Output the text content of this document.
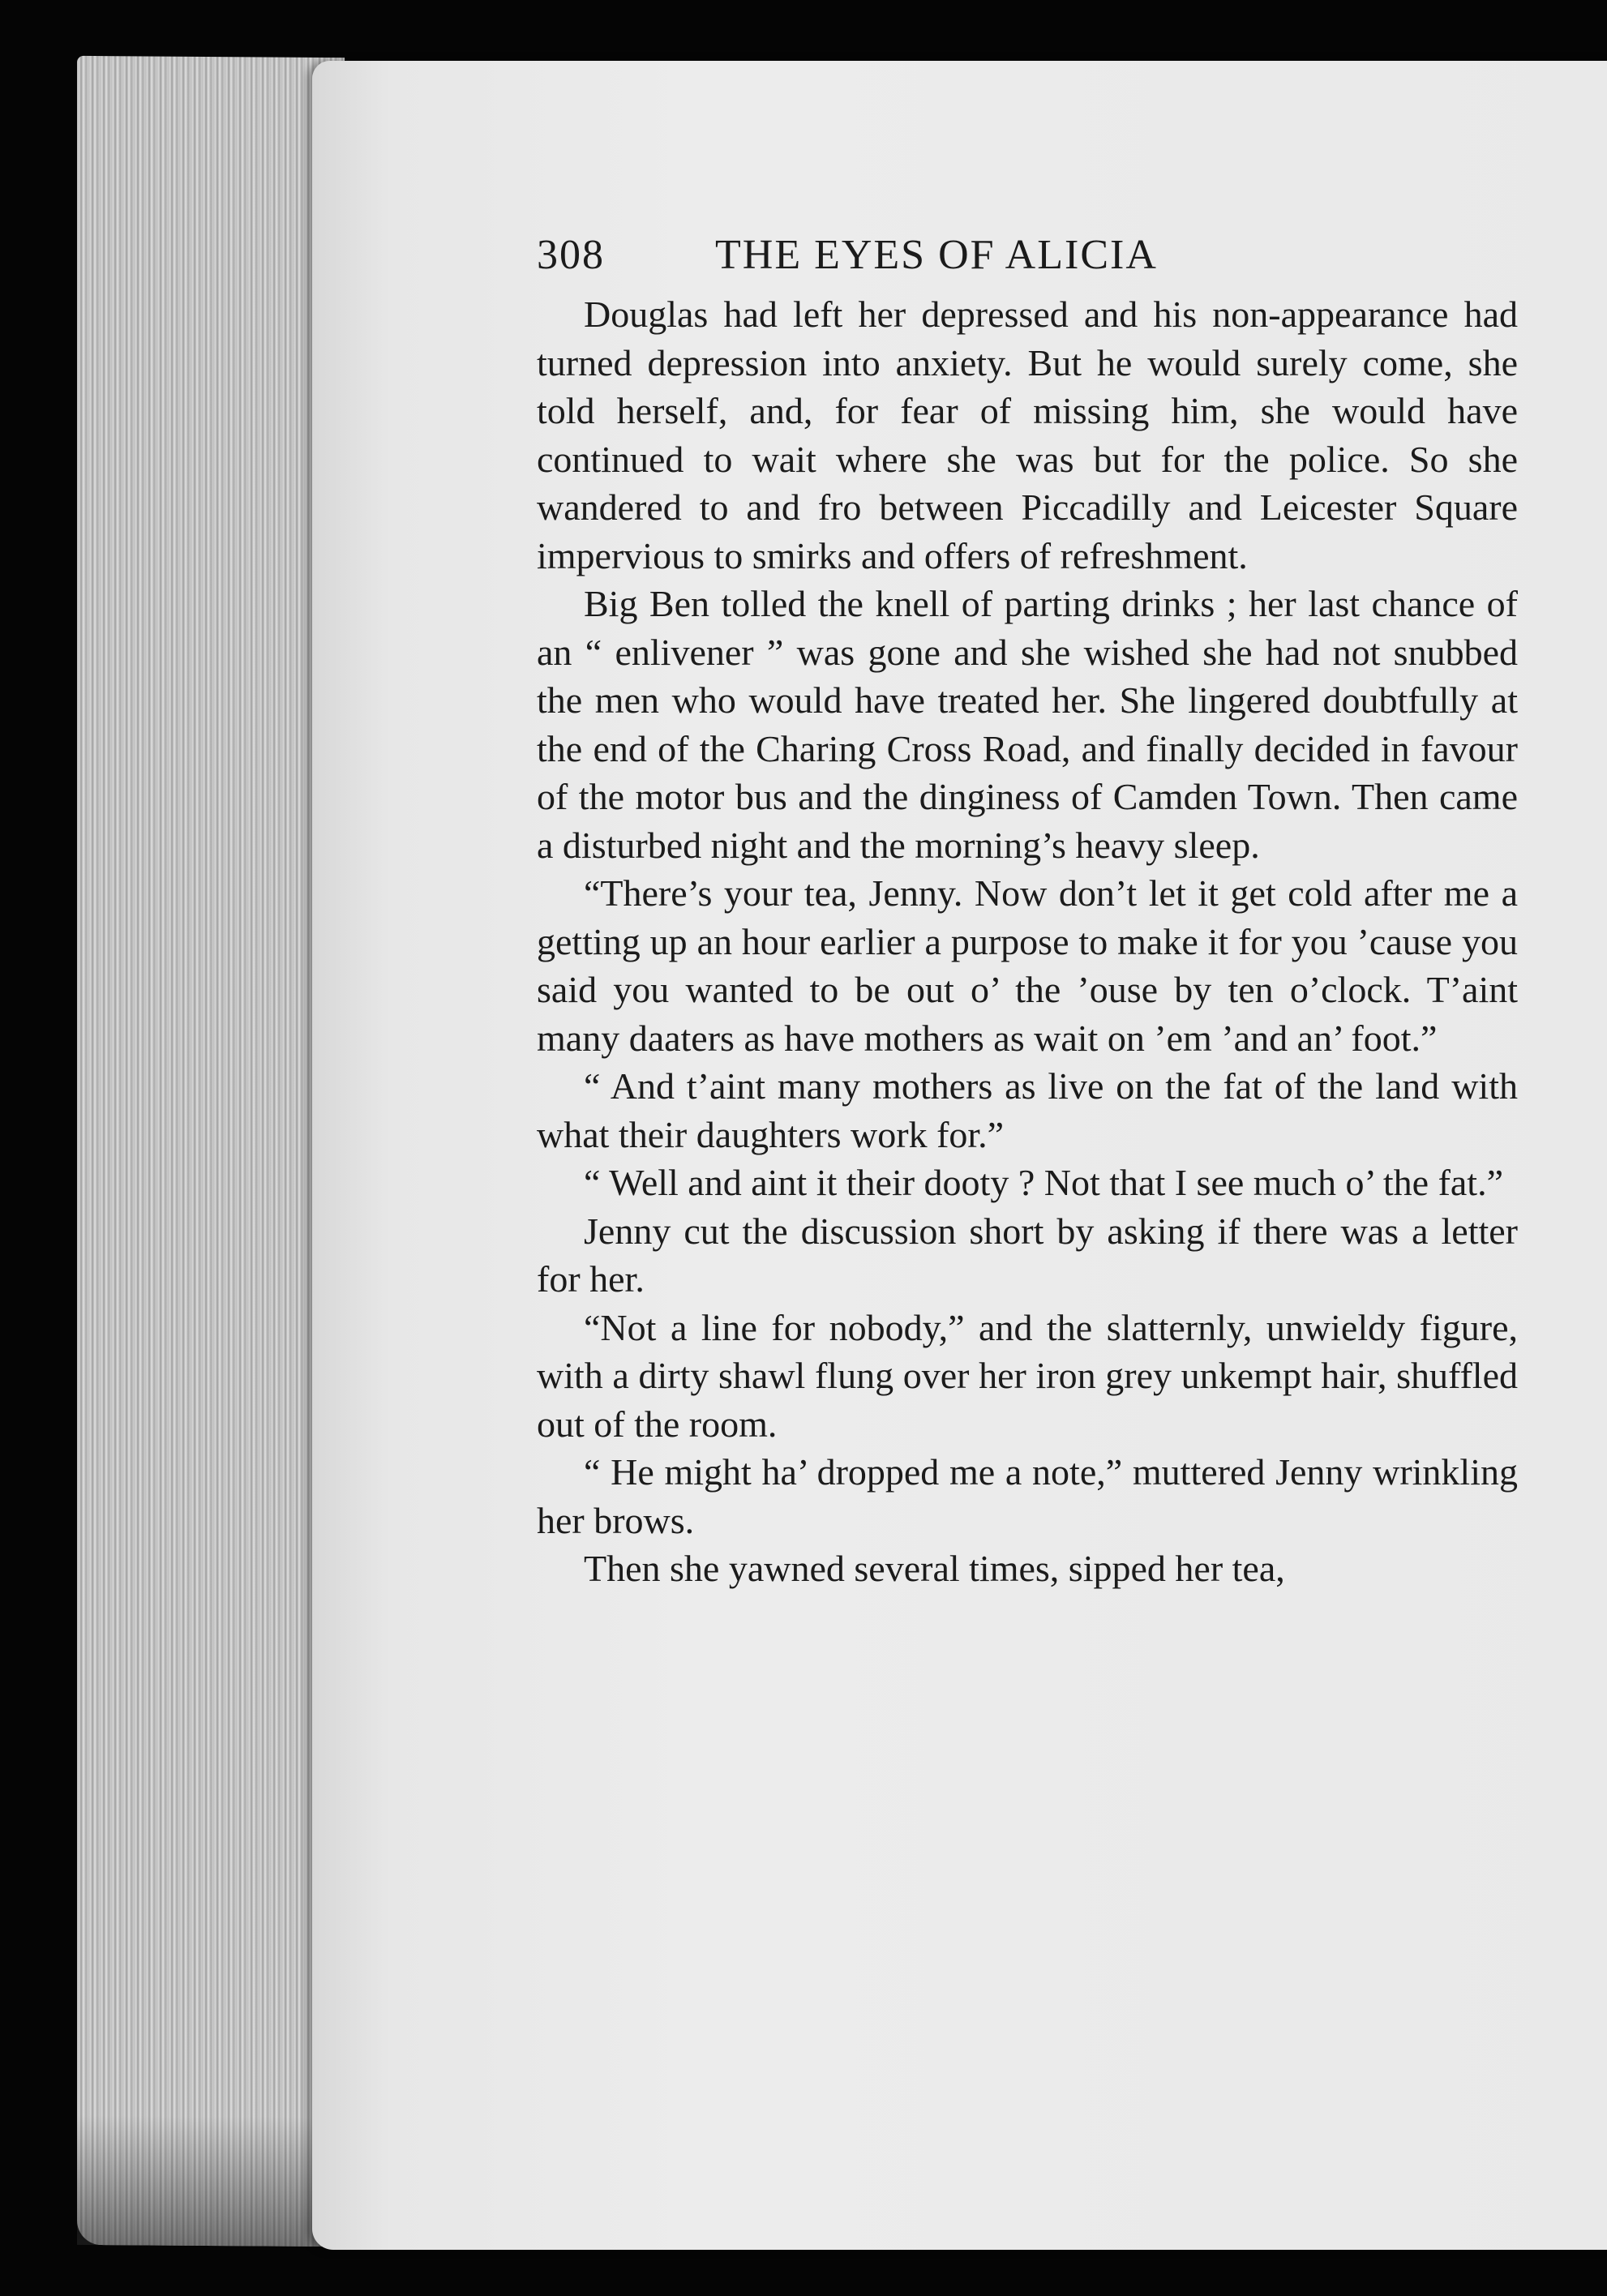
308	THE EYES OF ALICIA

Douglas had left her depressed and his non-appearance had turned depression into anxiety. But he would surely come, she told herself, and, for fear of missing him, she would have continued to wait where she was but for the police. So she wandered to and fro between Piccadilly and Leicester Square impervious to smirks and offers of refreshment.

Big Ben tolled the knell of parting drinks ; her last chance of an “ enlivener ” was gone and she wished she had not snubbed the men who would have treated her. She lingered doubtfully at the end of the Charing Cross Road, and finally decided in favour of the motor bus and the dinginess of Camden Town. Then came a disturbed night and the morning’s heavy sleep.

“There’s your tea, Jenny. Now don’t let it get cold after me a getting up an hour earlier a purpose to make it for you ’cause you said you wanted to be out o’ the ’ouse by ten o’clock. T’aint many daaters as have mothers as wait on ’em ’and an’ foot.”

“ And t’aint many mothers as live on the fat of the land with what their daughters work for.”

“ Well and aint it their dooty ? Not that I see much o’ the fat.”

Jenny cut the discussion short by asking if there was a letter for her.

“Not a line for nobody,” and the slatternly, unwieldy figure, with a dirty shawl flung over her iron grey unkempt hair, shuffled out of the room.

“ He might ha’ dropped me a note,” muttered Jenny wrinkling her brows.

Then she yawned several times, sipped her tea,
